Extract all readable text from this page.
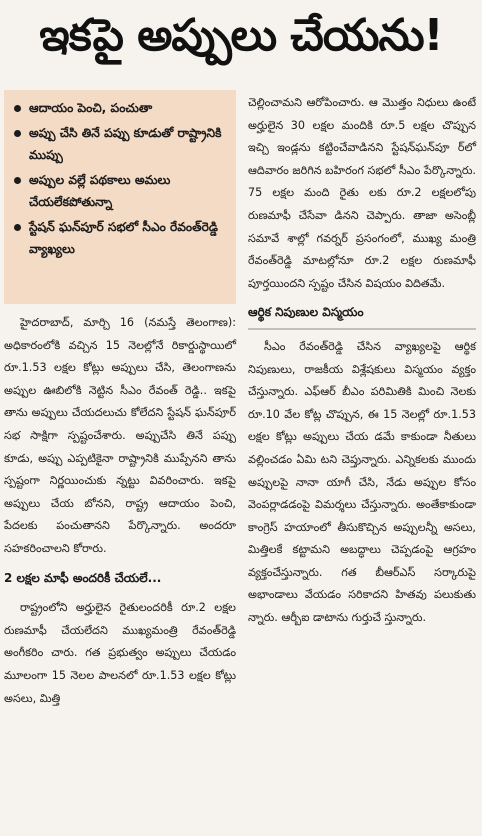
ఇకపై అప్పులు చేయను!
ఆదాయం పెంచి, పంచుతా
అప్పు చేసి తినే పప్పు కూడుతో రాష్ట్రానికి ముప్పు
అప్పుల వల్లే పథకాలు అమలు చేయలేకపోతున్నా
స్టేషన్ ఘన్‌పూర్ సభలో సీఎం రేవంత్‌రెడ్డి వ్యాఖ్యలు

హైదరాబాద్, మార్చి 16 (నమస్తే తెలంగాణ): అధికారంలోకి వచ్చిన 15 నెలల్లోనే రికార్డుస్థాయిలో రూ.1.53 లక్షల కోట్లు అప్పులు చేసి, తెలంగాణను అప్పుల ఊబిలోకి నెట్టిన సీఎం రేవంత్ రెడ్డి.. ఇకపై తాను అప్పులు చేయదలుచు కోలేదని స్టేషన్ ఘన్‌పూర్ సభ సాక్షిగా స్పష్టంచేశారు. అప్పుచేసి తినే పప్పు కూడు, అప్పు ఎప్పటికైనా రాష్ట్రానికి ముప్పేనని తాను స్పష్టంగా నిర్ణయించుకు న్నట్టు వివరించారు. ఇకపై అప్పులు చేయ బోనని, రాష్ట్ర ఆదాయం పెంచి, పేదలకు పంచుతానని పేర్కొన్నారు. అందరూ సహకరించాలని కోరారు.

2 లక్షల మాఫీ అందరికీ చేయలే...

రాష్ట్రంలోని అర్హులైన రైతులందరికీ రూ.2 లక్షల రుణమాఫీ చేయలేదని ముఖ్యమంత్రి రేవంత్‌రెడ్డి అంగీకరిం చారు. గత ప్రభుత్వం అప్పులు చేయడం మూలంగా 15 నెలల పాలనలో రూ.1.53 లక్షల కోట్లు అసలు, మిత్తి

చెల్లించామని ఆరోపించారు. ఆ మొత్తం నిధులు ఉంటే అర్హులైన 30 లక్షల మందికి రూ.5 లక్షల చొప్పున ఇచ్చి ఇండ్లను కట్టించేవాడినని స్టేషన్‌ఘన్‌పూ ర్‌లో ఆదివారం జరిగిన బహిరంగ సభలో సీఎం పేర్కొన్నారు. 75 లక్షల మంది రైతు లకు రూ.2 లక్షలలోపు రుణమాఫీ చేసేవా డినని చెప్పారు. తాజా అసెంబ్లీ సమావే శాల్లో గవర్నర్ ప్రసంగంలో, ముఖ్య మంత్రి రేవంత్‌రెడ్డి మాటల్లోనూ రూ.2 లక్షల రుణమాఫీ పూర్తయిందని స్పష్టం చేసిన విషయం విదితమే.

ఆర్థిక నిపుణుల విస్మయం

సీఎం రేవంత్‌రెడ్డి చేసిన వ్యాఖ్యలపై ఆర్థిక నిపుణులు, రాజకీయ విశ్లేషకులు విస్మయం వ్యక్తం చేస్తున్నారు. ఎఫ్‌ఆర్ బీఎం పరిమితికి మించి నెలకు రూ.10 వేల కోట్ల చొప్పున, ఈ 15 నెలల్లో రూ.1.53 లక్షల కోట్లు అప్పులు చేయ డమే కాకుండా నీతులు వల్లించడం ఏమి టని చెప్తున్నారు. ఎన్నికలకు ముందు అప్పులపై నానా యాగీ చేసి, నేడు అప్పుల కోసం వెంపర్లాడడంపై విమర్శలు చేస్తున్నారు. అంతేకాకుండా కాంగ్రెస్ హయాంలో తీసుకొచ్చిన అప్పులన్నీ అసలు, మిత్తిలకే కట్టామని అబద్ధాలు చెప్పడంపై ఆగ్రహం వ్యక్తంచేస్తున్నారు. గత బీఆర్‌ఎస్ సర్కారుపై అభాండాలు వేయడం సరికాదని హితవు పలుకుతు న్నారు. ఆర్బీఐ డాటాను గుర్తుచే స్తున్నారు.
